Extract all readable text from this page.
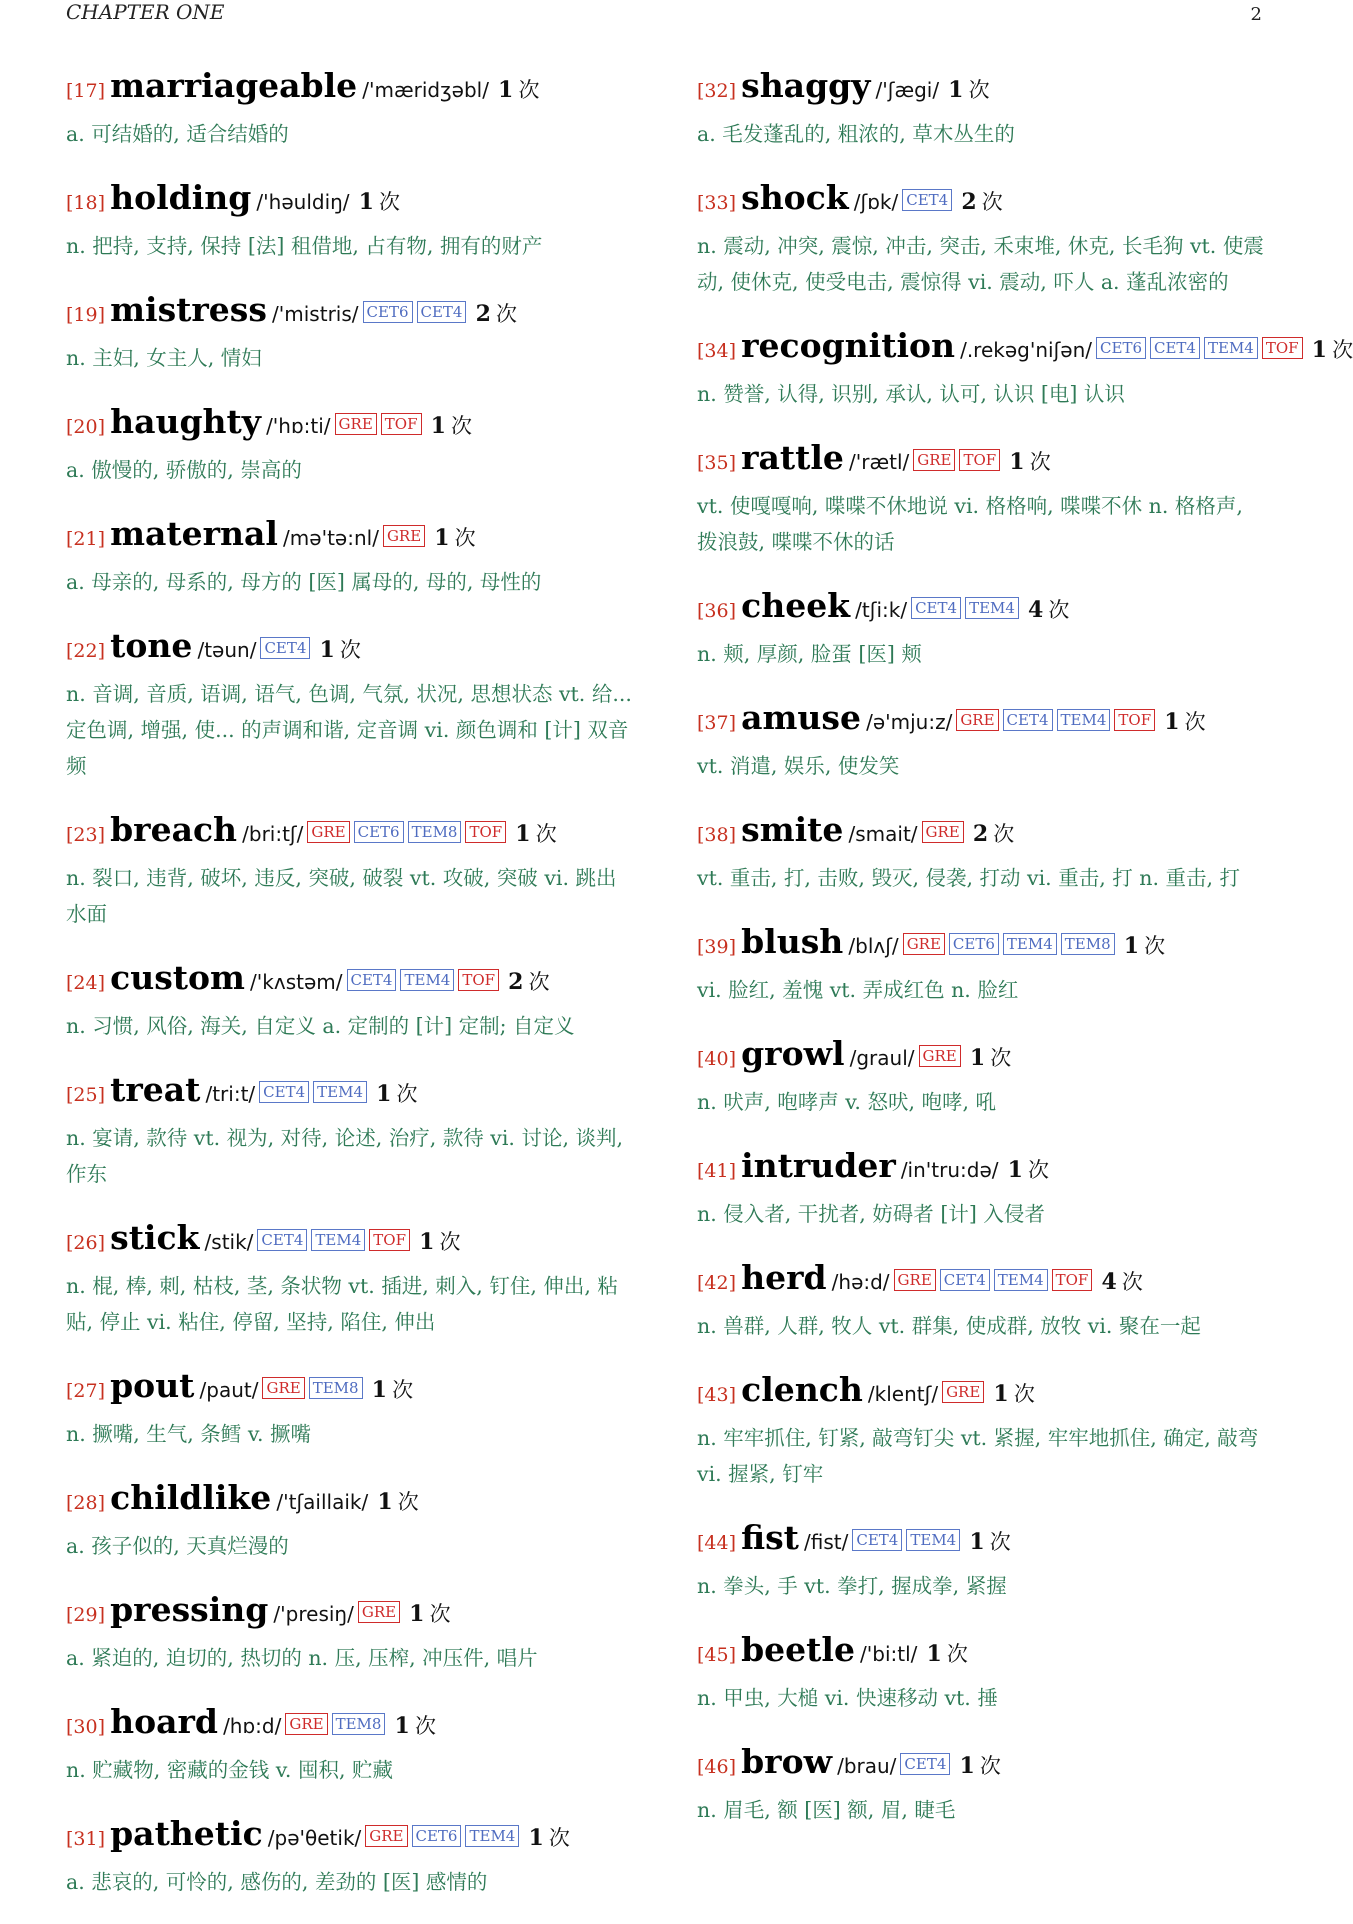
CHAPTER ONE	2
[17] marriageable /'mæridʒəbl/ 1 次
a. 可结婚的, 适合结婚的
[18] holding /'həuldiŋ/ 1 次
n. 把持, 支持, 保持 [法] 租借地, 占有物, 拥有的财产
[19] mistress /'mistris/ CET6 CET4 2 次
n. 主妇, 女主人, 情妇
[20] haughty /'hɒ:ti/ GRE TOF 1 次
a. 傲慢的, 骄傲的, 崇高的
[21] maternal /mə'tə:nl/ GRE 1 次
a. 母亲的, 母系的, 母方的 [医] 属母的, 母的, 母性的
[22] tone /təun/ CET4 1 次
n. 音调, 音质, 语调, 语气, 色调, 气氛, 状况, 思想状态 vt. 给... 定色调, 增强, 使... 的声调和谐, 定音调 vi. 颜色调和 [计] 双音频
[23] breach /bri:tʃ/ GRE CET6 TEM8 TOF 1 次
n. 裂口, 违背, 破坏, 违反, 突破, 破裂 vt. 攻破, 突破 vi. 跳出水面
[24] custom /'kʌstəm/ CET4 TEM4 TOF 2 次
n. 习惯, 风俗, 海关, 自定义 a. 定制的 [计] 定制; 自定义
[25] treat /tri:t/ CET4 TEM4 1 次
n. 宴请, 款待 vt. 视为, 对待, 论述, 治疗, 款待 vi. 讨论, 谈判, 作东
[26] stick /stik/ CET4 TEM4 TOF 1 次
n. 棍, 棒, 刺, 枯枝, 茎, 条状物 vt. 插进, 刺入, 钉住, 伸出, 粘贴, 停止 vi. 粘住, 停留, 坚持, 陷住, 伸出
[27] pout /paut/ GRE TEM8 1 次
n. 撅嘴, 生气, 条鳕 v. 撅嘴
[28] childlike /'tʃaillaik/ 1 次
a. 孩子似的, 天真烂漫的
[29] pressing /'presiŋ/ GRE 1 次
a. 紧迫的, 迫切的, 热切的 n. 压, 压榨, 冲压件, 唱片
[30] hoard /hɒ:d/ GRE TEM8 1 次
n. 贮藏物, 密藏的金钱 v. 囤积, 贮藏
[31] pathetic /pə'θetik/ GRE CET6 TEM4 1 次
a. 悲哀的, 可怜的, 感伤的, 差劲的 [医] 感情的
[32] shaggy /'ʃægi/ 1 次
a. 毛发蓬乱的, 粗浓的, 草木丛生的
[33] shock /ʃɒk/ CET4 2 次
n. 震动, 冲突, 震惊, 冲击, 突击, 禾束堆, 休克, 长毛狗 vt. 使震动, 使休克, 使受电击, 震惊得 vi. 震动, 吓人 a. 蓬乱浓密的
[34] recognition /.rekəg'niʃən/ CET6 CET4 TEM4 TOF 1 次
n. 赞誉, 认得, 识别, 承认, 认可, 认识 [电] 认识
[35] rattle /'rætl/ GRE TOF 1 次
vt. 使嘎嘎响, 喋喋不休地说 vi. 格格响, 喋喋不休 n. 格格声, 拨浪鼓, 喋喋不休的话
[36] cheek /tʃi:k/ CET4 TEM4 4 次
n. 颊, 厚颜, 脸蛋 [医] 颊
[37] amuse /ə'mju:z/ GRE CET4 TEM4 TOF 1 次
vt. 消遣, 娱乐, 使发笑
[38] smite /smait/ GRE 2 次
vt. 重击, 打, 击败, 毁灭, 侵袭, 打动 vi. 重击, 打 n. 重击, 打
[39] blush /blʌʃ/ GRE CET6 TEM4 TEM8 1 次
vi. 脸红, 羞愧 vt. 弄成红色 n. 脸红
[40] growl /graul/ GRE 1 次
n. 吠声, 咆哮声 v. 怒吠, 咆哮, 吼
[41] intruder /in'tru:də/ 1 次
n. 侵入者, 干扰者, 妨碍者 [计] 入侵者
[42] herd /hə:d/ GRE CET4 TEM4 TOF 4 次
n. 兽群, 人群, 牧人 vt. 群集, 使成群, 放牧 vi. 聚在一起
[43] clench /klentʃ/ GRE 1 次
n. 牢牢抓住, 钉紧, 敲弯钉尖 vt. 紧握, 牢牢地抓住, 确定, 敲弯 vi. 握紧, 钉牢
[44] fist /fist/ CET4 TEM4 1 次
n. 拳头, 手 vt. 拳打, 握成拳, 紧握
[45] beetle /'bi:tl/ 1 次
n. 甲虫, 大槌 vi. 快速移动 vt. 捶
[46] brow /brau/ CET4 1 次
n. 眉毛, 额 [医] 额, 眉, 睫毛
